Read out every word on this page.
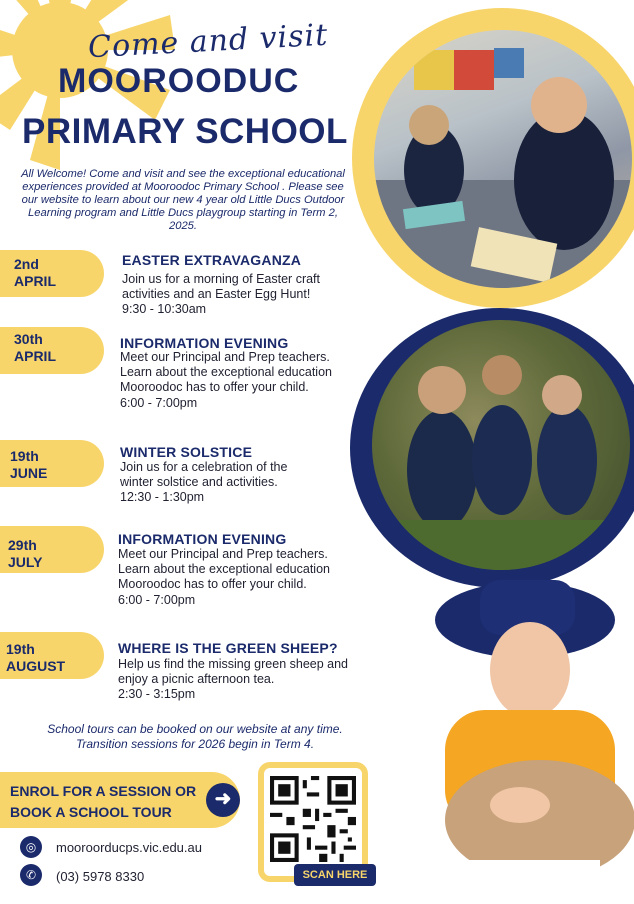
Come and visit
MOOROODUC
PRIMARY SCHOOL
All Welcome! Come and visit and see the exceptional educational experiences provided at Mooroodoc Primary School . Please see our website to learn about our new 4 year old Little Ducs Outdoor Learning program and Little Ducs playgroup starting in Term 2, 2025.
2nd
APRIL
EASTER EXTRAVAGANZA
Join us for a morning of Easter craft activities and an Easter Egg Hunt!
9:30 - 10:30am
30th
APRIL
INFORMATION EVENING
Meet our Principal and Prep teachers. Learn about the exceptional education Mooroodoc has to offer your child.
6:00 - 7:00pm
19th
JUNE
WINTER SOLSTICE
Join us for a celebration of the winter solstice and activities.
12:30 - 1:30pm
29th
JULY
INFORMATION EVENING
Meet our Principal and Prep teachers. Learn about the exceptional education Mooroodoc has to offer your child.
6:00 - 7:00pm
19th
AUGUST
WHERE IS THE GREEN SHEEP?
Help us find the missing green sheep and enjoy a picnic afternoon tea.
2:30 - 3:15pm
School tours can be booked on our website at any time. Transition sessions for 2026 begin in Term 4.
ENROL FOR A SESSION OR
BOOK A SCHOOL TOUR
➜
◎	mooroorducps.vic.edu.au
✆	(03) 5978 8330	SCAN HERE
